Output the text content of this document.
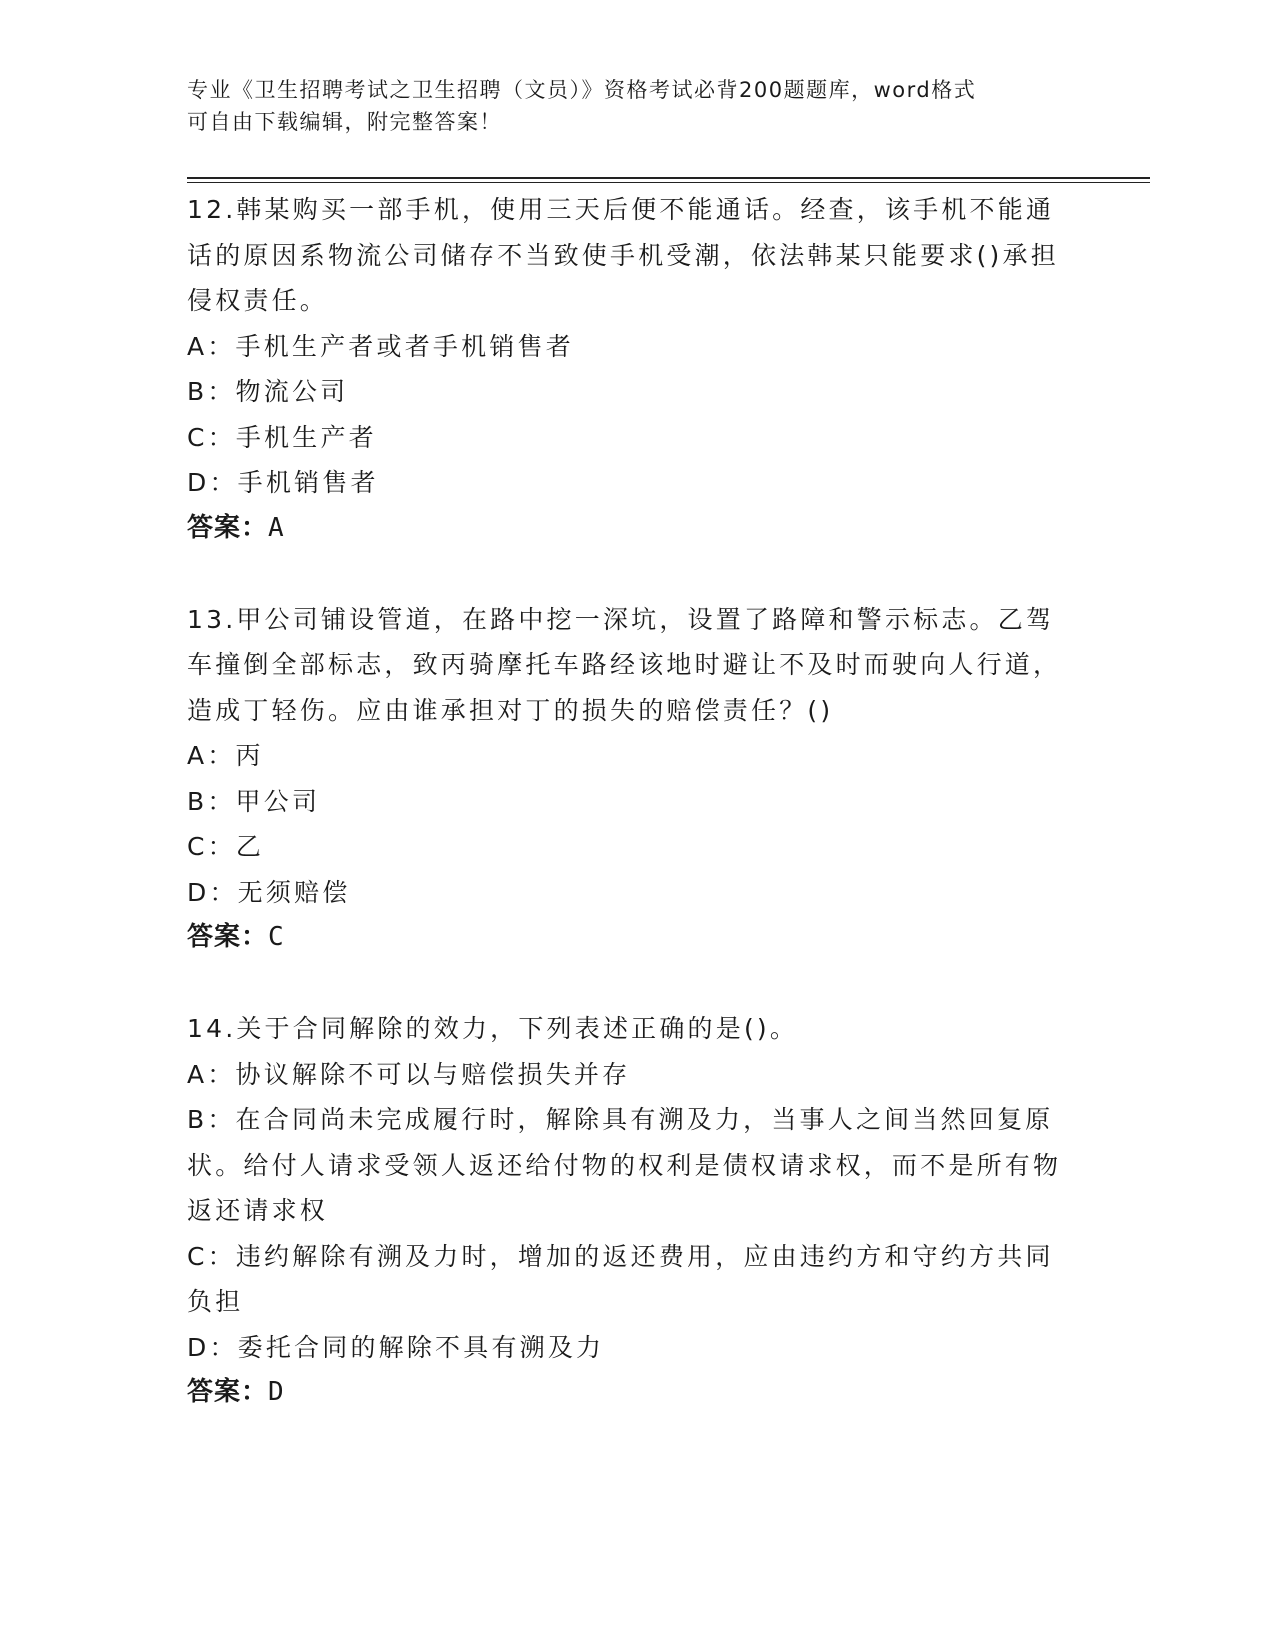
专业《卫生招聘考试之卫生招聘（文员）》资格考试必背200题题库，word格式
可自由下载编辑，附完整答案！

12.韩某购买一部手机，使用三天后便不能通话。经查，该手机不能通话的原因系物流公司储存不当致使手机受潮，依法韩某只能要求()承担侵权责任。

A：手机生产者或者手机销售者

B：物流公司

C：手机生产者

D：手机销售者

答案：A

13.甲公司铺设管道，在路中挖一深坑，设置了路障和警示标志。乙驾车撞倒全部标志，致丙骑摩托车路经该地时避让不及时而驶向人行道，造成丁轻伤。应由谁承担对丁的损失的赔偿责任？()

A：丙

B：甲公司

C：乙

D：无须赔偿

答案：C

14.关于合同解除的效力，下列表述正确的是()。

A：协议解除不可以与赔偿损失并存

B：在合同尚未完成履行时，解除具有溯及力，当事人之间当然回复原状。给付人请求受领人返还给付物的权利是债权请求权，而不是所有物返还请求权

C：违约解除有溯及力时，增加的返还费用，应由违约方和守约方共同负担

D：委托合同的解除不具有溯及力

答案：D
